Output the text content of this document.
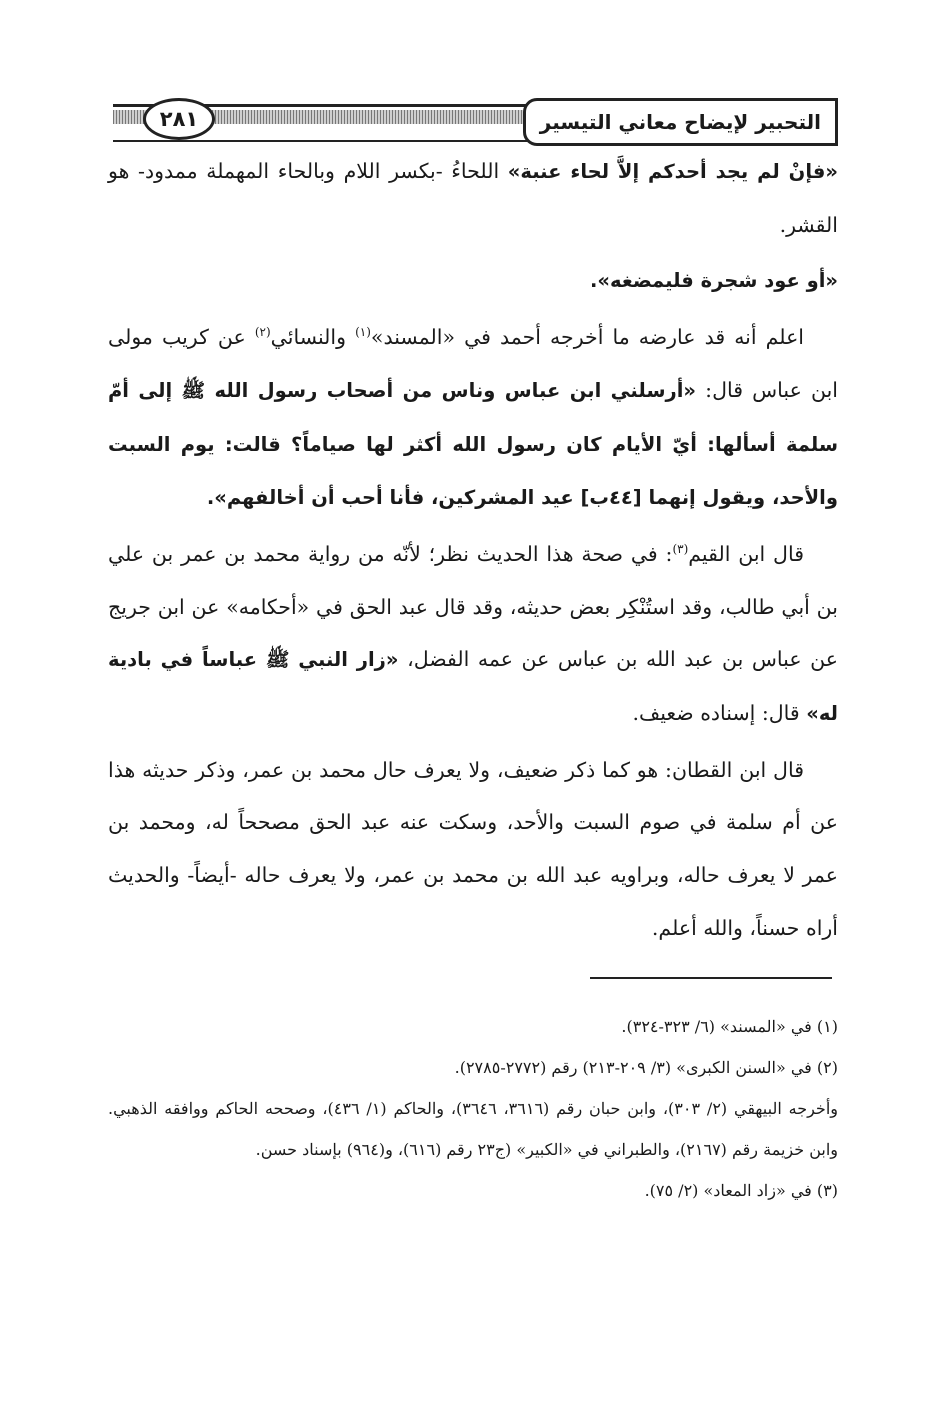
التحبير لإيضاح معاني التيسير
٢٨١

«فإنْ لم يجد أحدكم إلاَّ لحاء عنبة» اللحاءُ -بكسر اللام وبالحاء المهملة ممدود- هو القشر.

«أو عود شجرة فليمضغه».

اعلم أنه قد عارضه ما أخرجه أحمد في «المسند»$^{(١)}$ والنسائي$^{(٢)}$ عن كريب مولى ابن عباس قال: «أرسلني ابن عباس وناس من أصحاب رسول الله ﷺ إلى أمّ سلمة أسألها: أيّ الأيام كان رسول الله أكثر لها صياماً؟ قالت: يوم السبت والأحد، ويقول إنهما [٤٤ب] عيد المشركين، فأنا أحب أن أخالفهم».

قال ابن القيم$^{(٣)}$: في صحة هذا الحديث نظر؛ لأنّه من رواية محمد بن عمر بن علي بن أبي طالب، وقد استُنْكِر بعض حديثه، وقد قال عبد الحق في «أحكامه» عن ابن جريج عن عباس بن عبد الله بن عباس عن عمه الفضل، «زار النبي ﷺ عباساً في بادية له» قال: إسناده ضعيف.

قال ابن القطان: هو كما ذكر ضعيف، ولا يعرف حال محمد بن عمر، وذكر حديثه هذا عن أم سلمة في صوم السبت والأحد، وسكت عنه عبد الحق مصححاً له، ومحمد بن عمر لا يعرف حاله، وبراويه عبد الله بن محمد بن عمر، ولا يعرف حاله -أيضاً- والحديث أراه حسناً، والله أعلم.

(١) في «المسند» (٦/ ٣٢٣-٣٢٤).

(٢) في «السنن الكبرى» (٣/ ٢٠٩-٢١٣) رقم (٢٧٧٢-٢٧٨٥).

وأخرجه البيهقي (٢/ ٣٠٣)، وابن حبان رقم (٣٦١٦، ٣٦٤٦)، والحاكم (١/ ٤٣٦)، وصححه الحاكم ووافقه الذهبي. وابن خزيمة رقم (٢١٦٧)، والطبراني في «الكبير» (ج٢٣ رقم (٦١٦)، و(٩٦٤) بإسناد حسن.

(٣) في «زاد المعاد» (٢/ ٧٥).
